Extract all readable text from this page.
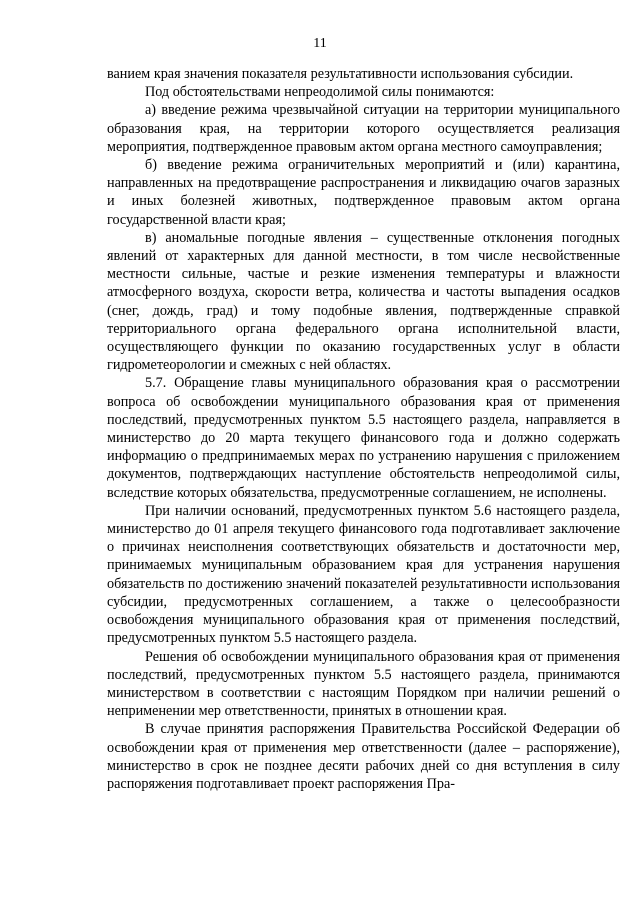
11

ванием края значения показателя результативности использования субсидии.

Под обстоятельствами непреодолимой силы понимаются:

а) введение режима чрезвычайной ситуации на территории муниципального образования края, на территории которого осуществляется реализация мероприятия, подтвержденное правовым актом органа местного самоуправления;

б) введение режима ограничительных мероприятий и (или) карантина, направленных на предотвращение распространения и ликвидацию очагов заразных и иных болезней животных, подтвержденное правовым актом органа государственной власти края;

в) аномальные погодные явления – существенные отклонения погодных явлений от характерных для данной местности, в том числе несвойственные местности сильные, частые и резкие изменения температуры и влажности атмосферного воздуха, скорости ветра, количества и частоты выпадения осадков (снег, дождь, град) и тому подобные явления, подтвержденные справкой территориального органа федерального органа исполнительной власти, осуществляющего функции по оказанию государственных услуг в области гидрометеорологии и смежных с ней областях.

5.7. Обращение главы муниципального образования края о рассмотрении вопроса об освобождении муниципального образования края от применения последствий, предусмотренных пунктом 5.5 настоящего раздела, направляется в министерство до 20 марта текущего финансового года и должно содержать информацию о предпринимаемых мерах по устранению нарушения с приложением документов, подтверждающих наступление обстоятельств непреодолимой силы, вследствие которых обязательства, предусмотренные соглашением, не исполнены.

При наличии оснований, предусмотренных пунктом 5.6 настоящего раздела, министерство до 01 апреля текущего финансового года подготавливает заключение о причинах неисполнения соответствующих обязательств и достаточности мер, принимаемых муниципальным образованием края для устранения нарушения обязательств по достижению значений показателей результативности использования субсидии, предусмотренных соглашением, а также о целесообразности освобождения муниципального образования края от применения последствий, предусмотренных пунктом 5.5 настоящего раздела.

Решения об освобождении муниципального образования края от применения последствий, предусмотренных пунктом 5.5 настоящего раздела, принимаются министерством в соответствии с настоящим Порядком при наличии решений о неприменении мер ответственности, принятых в отношении края.

В случае принятия распоряжения Правительства Российской Федерации об освобождении края от применения мер ответственности (далее – распоряжение), министерство в срок не позднее десяти рабочих дней со дня вступления в силу распоряжения подготавливает проект распоряжения Пра-
